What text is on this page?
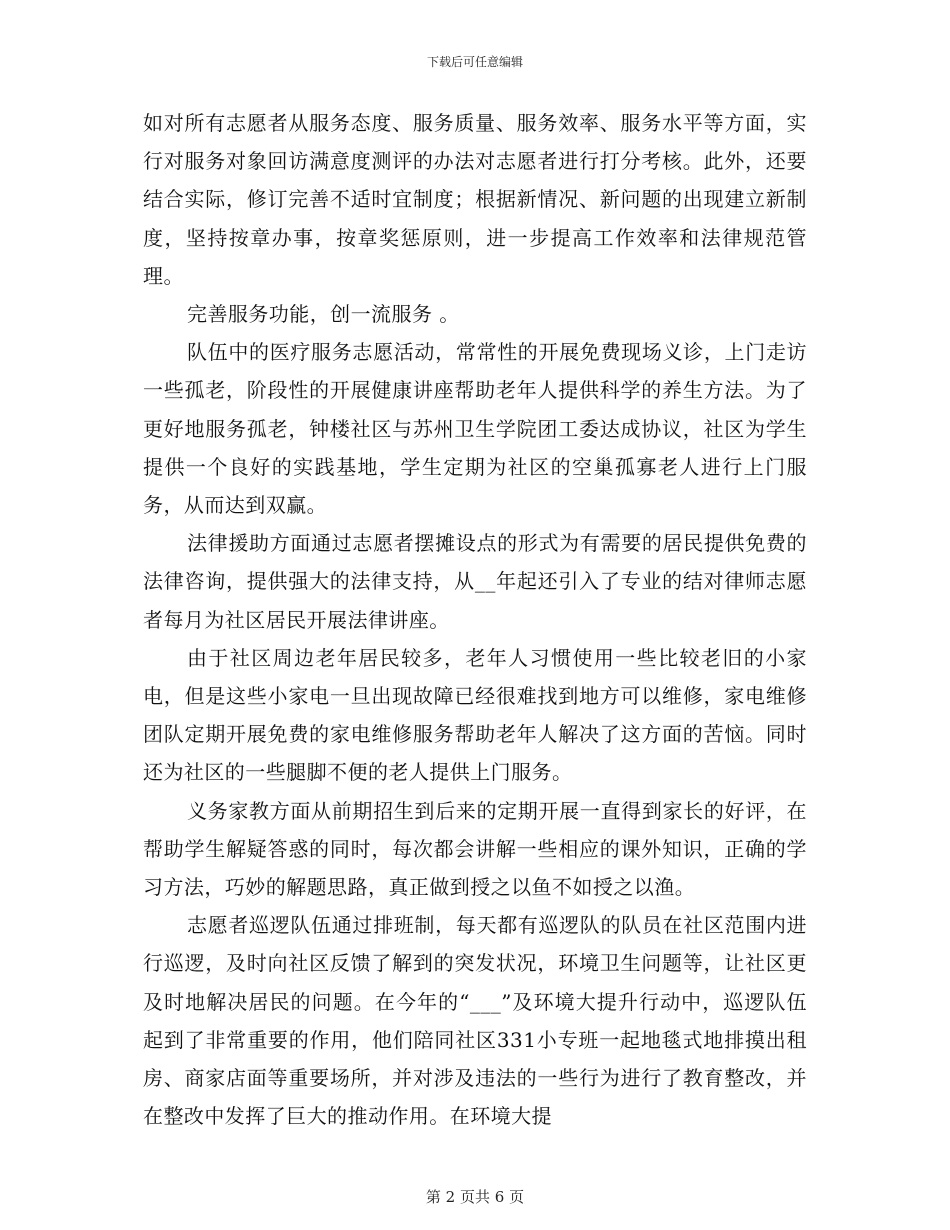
下载后可任意编辑

如对所有志愿者从服务态度、服务质量、服务效率、服务水平等方面，实行对服务对象回访满意度测评的办法对志愿者进行打分考核。此外，还要结合实际，修订完善不适时宜制度；根据新情况、新问题的出现建立新制度，坚持按章办事，按章奖惩原则，进一步提高工作效率和法律规范管理。

完善服务功能，创一流服务 。

队伍中的医疗服务志愿活动，常常性的开展免费现场义诊，上门走访一些孤老，阶段性的开展健康讲座帮助老年人提供科学的养生方法。为了更好地服务孤老，钟楼社区与苏州卫生学院团工委达成协议，社区为学生提供一个良好的实践基地，学生定期为社区的空巢孤寡老人进行上门服务，从而达到双赢。

法律援助方面通过志愿者摆摊设点的形式为有需要的居民提供免费的法律咨询，提供强大的法律支持，从__年起还引入了专业的结对律师志愿者每月为社区居民开展法律讲座。

由于社区周边老年居民较多，老年人习惯使用一些比较老旧的小家电，但是这些小家电一旦出现故障已经很难找到地方可以维修，家电维修团队定期开展免费的家电维修服务帮助老年人解决了这方面的苦恼。同时还为社区的一些腿脚不便的老人提供上门服务。

义务家教方面从前期招生到后来的定期开展一直得到家长的好评，在帮助学生解疑答惑的同时，每次都会讲解一些相应的课外知识，正确的学习方法，巧妙的解题思路，真正做到授之以鱼不如授之以渔。

志愿者巡逻队伍通过排班制，每天都有巡逻队的队员在社区范围内进行巡逻，及时向社区反馈了解到的突发状况，环境卫生问题等，让社区更及时地解决居民的问题。在今年的“___”及环境大提升行动中，巡逻队伍起到了非常重要的作用，他们陪同社区331小专班一起地毯式地排摸出租房、商家店面等重要场所，并对涉及违法的一些行为进行了教育整改，并在整改中发挥了巨大的推动作用。在环境大提

第 2 页共 6 页
